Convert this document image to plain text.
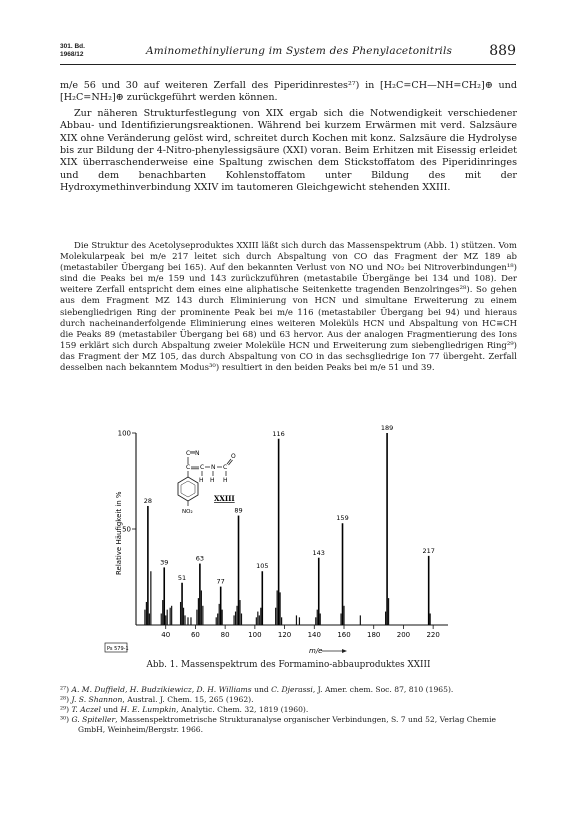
301. Bd.
1968/12	Aminomethinylierung im System des Phenylacetonitrils	889

m/e 56 und 30 auf weiteren Zerfall des Piperidinrestes²⁷) in [H₂C=CH—NH=CH₂]⊕ und [H₂C=NH₂]⊕ zurückgeführt werden können.

Zur näheren Strukturfestlegung von XIX ergab sich die Notwendigkeit verschiedener Abbau- und Identifizierungsreaktionen. Während bei kurzem Erwärmen mit verd. Salzsäure XIX ohne Veränderung gelöst wird, schreitet durch Kochen mit konz. Salzsäure die Hydrolyse bis zur Bildung der 4-Nitro-phenylessigsäure (XXI) voran. Beim Erhitzen mit Eisessig erleidet XIX überraschenderweise eine Spaltung zwischen dem Stickstoffatom des Piperidinringes und dem benachbarten Kohlenstoffatom unter Bildung des mit der Hydroxymethinverbindung XXIV im tautomeren Gleichgewicht stehenden XXIII.

Die Struktur des Acetolyseproduktes XXIII läßt sich durch das Massenspektrum (Abb. 1) stützen. Vom Molekularpeak bei m/e 217 leitet sich durch Abspaltung von CO das Fragment der MZ 189 ab (metastabiler Übergang bei 165). Auf den bekannten Verlust von NO und NO₂ bei Nitroverbindungen¹⁸) sind die Peaks bei m/e 159 und 143 zurückzuführen (metastabile Übergänge bei 134 und 108). Der weitere Zerfall entspricht dem eines eine aliphatische Seitenkette tragenden Benzolringes²⁸). So gehen aus dem Fragment MZ 143 durch Eliminierung von HCN und simultane Erweiterung zu einem siebengliedrigen Ring der prominente Peak bei m/e 116 (metastabiler Übergang bei 94) und hieraus durch nacheinanderfolgende Eliminierung eines weiteren Moleküls HCN und Abspaltung von HC≡CH die Peaks 89 (metastabiler Übergang bei 68) und 63 hervor. Aus der analogen Fragmentierung des Ions 159 erklärt sich durch Abspaltung zweier Moleküle HCN und Erweiterung zum siebengliedrigen Ring²⁹) das Fragment der MZ 105, das durch Abspaltung von CO in das sechsgliedrige Ion 77 übergeht. Zerfall desselben nach bekanntem Modus³⁰) resultiert in den beiden Peaks bei m/e 51 und 39.

40	60	80	100 120 140 160 180 200 220
50
100
28
39
51
63
77
89
105
116
143
159
189
217
C N
C C N C
O
H H H
NO₂
XXIII
Ps 579-1	m/e
Relative Häufigkeit in %
Abb. 1. Massenspektrum des Formamino-abbauproduktes XXIII
²⁷) A. M. Duffield, H. Budzikiewicz, D. H. Williams und C. Djerassi, J. Amer. chem. Soc. 87, 810 (1965).
²⁸) J. S. Shannon, Austral. J. Chem. 15, 265 (1962).
²⁹) T. Aczel und H. E. Lumpkin, Analytic. Chem. 32, 1819 (1960).
³⁰) G. Spiteller, Massenspektrometrische Strukturanalyse organischer Verbindungen, S. 7 und 52, Verlag Chemie GmbH, Weinheim/Bergstr. 1966.
